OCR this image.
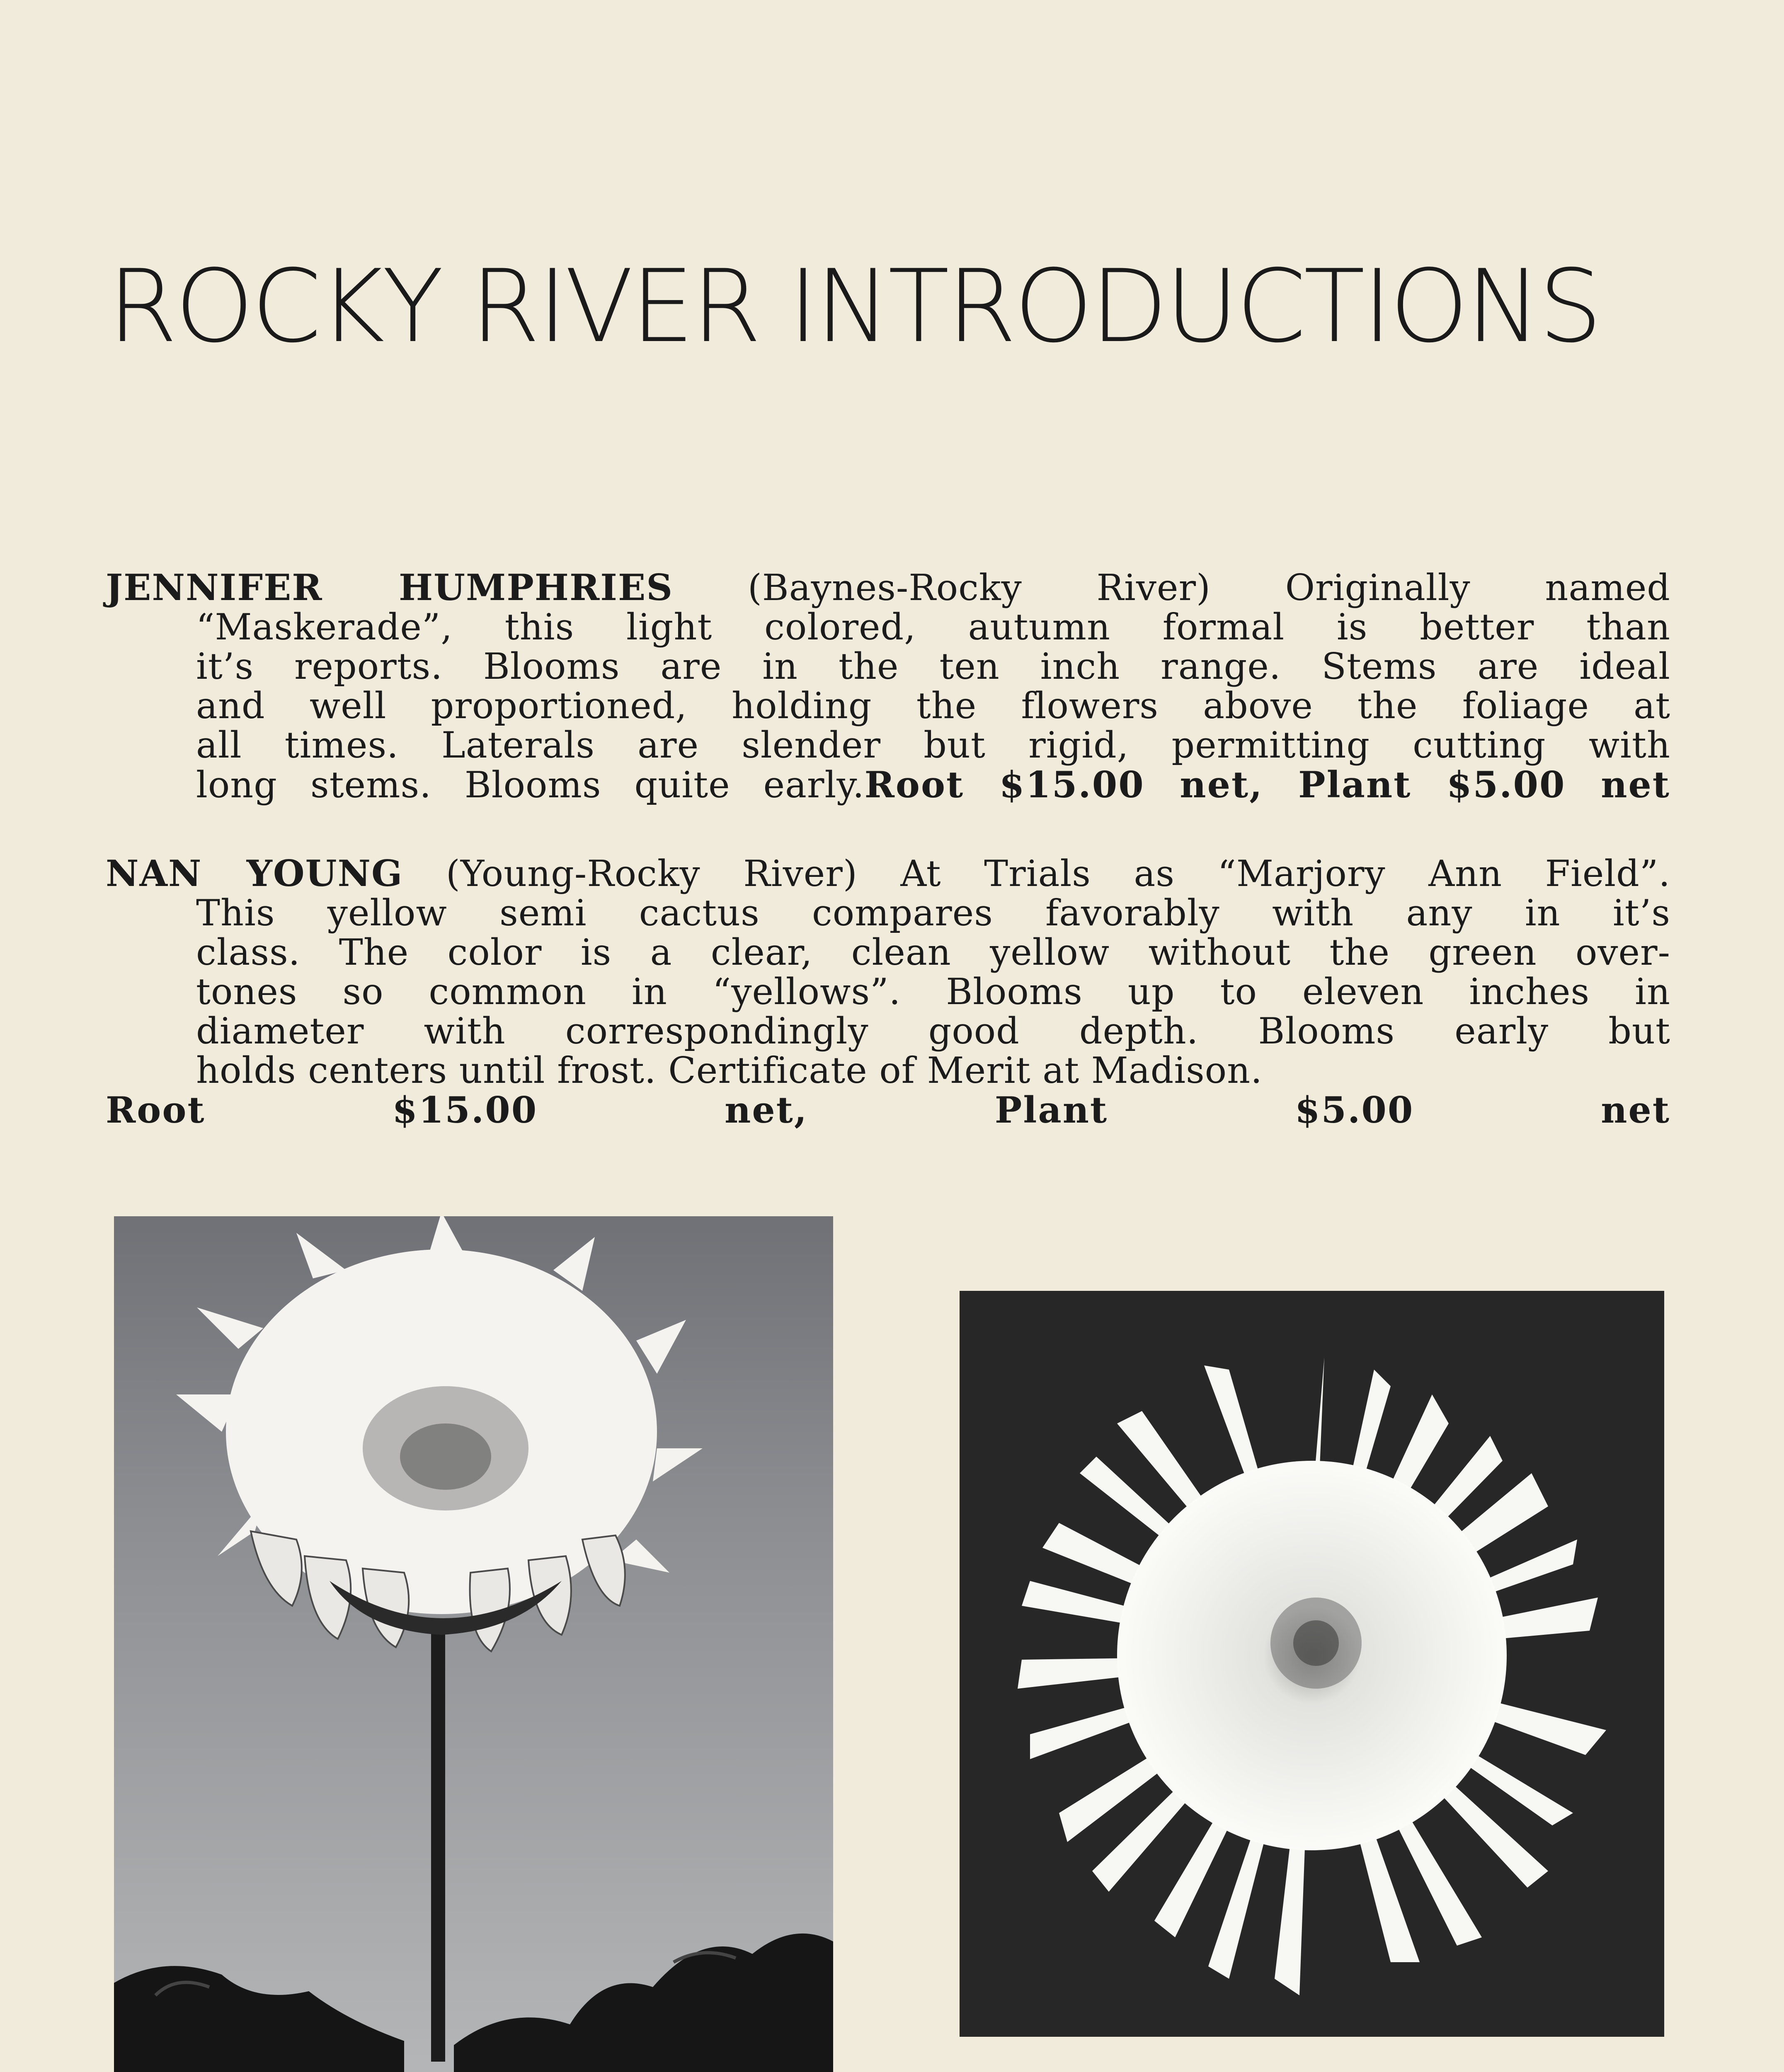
ROCKY RIVER INTRODUCTIONS
JENNIFER HUMPHRIES (Baynes-Rocky River) Originally named
“Maskerade”, this light colored, autumn formal is better than
it’s reports. Blooms are in the ten inch range. Stems are ideal
and well proportioned, holding the flowers above the foliage at
all times. Laterals are slender but rigid, permitting cutting with
long stems. Blooms quite early.Root $15.00 net, Plant $5.00 net
NAN YOUNG (Young-Rocky River) At Trials as “Marjory Ann Field”.
This yellow semi cactus compares favorably with any in it’s
class. The color is a clear, clean yellow without the green over-
tones so common in “yellows”. Blooms up to eleven inches in
diameter with correspondingly good depth. Blooms early but
holds centers until frost. Certificate of Merit at Madison.
Root $15.00 net, Plant $5.00 net
